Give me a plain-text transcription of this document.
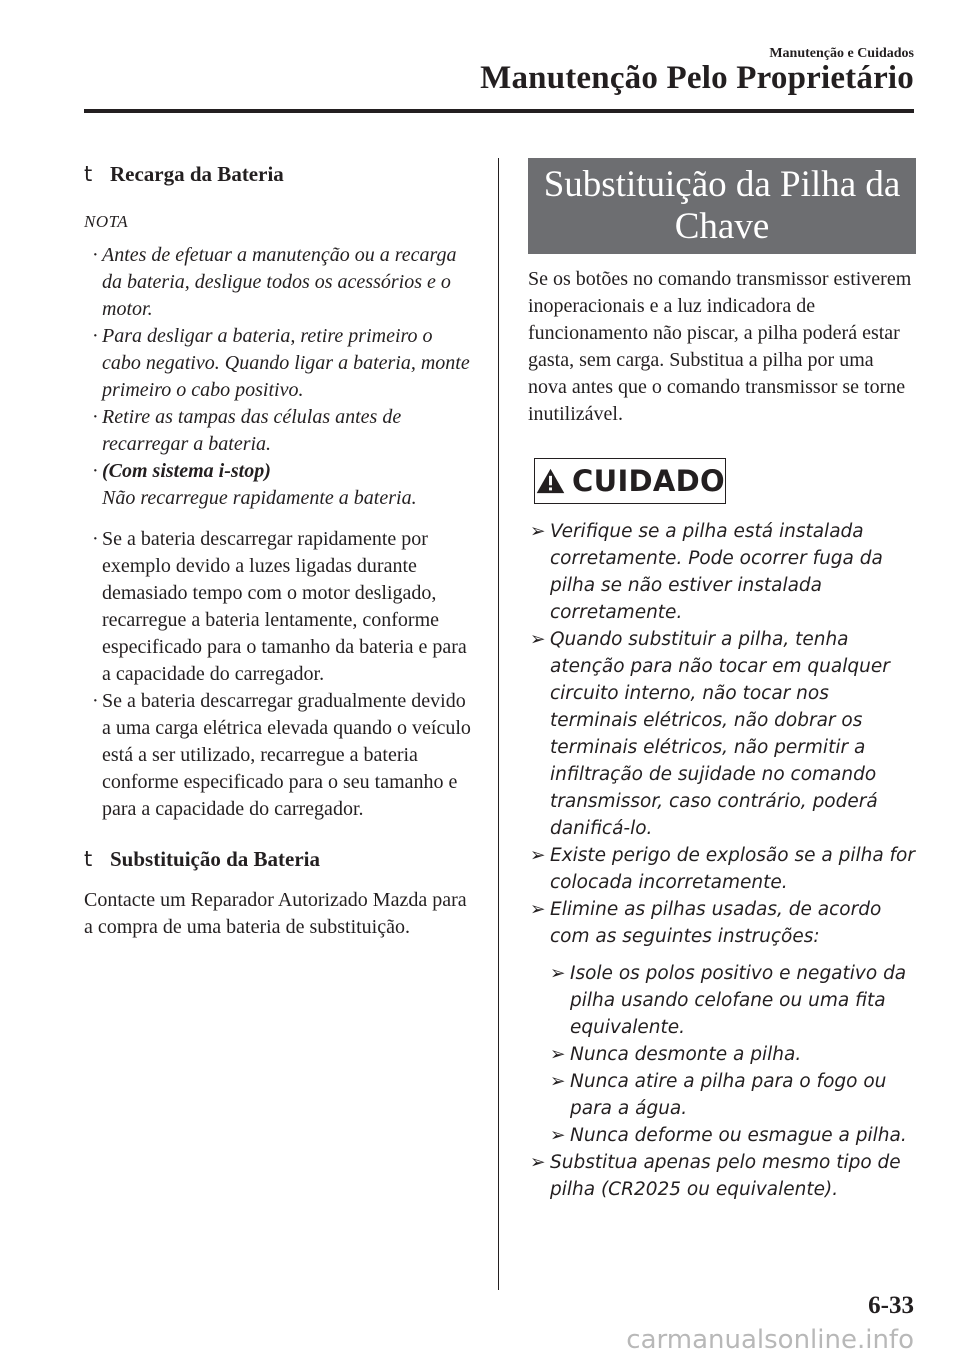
Manutenção e Cuidados
Manutenção Pelo Proprietário
t Recarga da Bateria
NOTA
· Antes de efetuar a manutenção ou a recarga da bateria, desligue todos os acessórios e o motor.
· Para desligar a bateria, retire primeiro o cabo negativo. Quando ligar a bateria, monte primeiro o cabo positivo.
· Retire as tampas das células antes de recarregar a bateria.
· (Com sistema i-stop)
Não recarregue rapidamente a bateria.
· Se a bateria descarregar rapidamente por exemplo devido a luzes ligadas durante demasiado tempo com o motor desligado, recarregue a bateria lentamente, conforme especificado para o tamanho da bateria e para a capacidade do carregador.
· Se a bateria descarregar gradualmente devido a uma carga elétrica elevada quando o veículo está a ser utilizado, recarregue a bateria conforme especificado para o seu tamanho e para a capacidade do carregador.
t Substituição da Bateria

Contacte um Reparador Autorizado Mazda para a compra de uma bateria de substituição.

Substituição da Pilha da Chave

Se os botões no comando transmissor estiverem inoperacionais e a luz indicadora de funcionamento não piscar, a pilha poderá estar gasta, sem carga. Substitua a pilha por uma nova antes que o comando transmissor se torne inutilizável.

CUIDADO
➢ Verifique se a pilha está instalada corretamente. Pode ocorrer fuga da pilha se não estiver instalada corretamente.
➢ Quando substituir a pilha, tenha atenção para não tocar em qualquer circuito interno, não tocar nos terminais elétricos, não dobrar os terminais elétricos, não permitir a infiltração de sujidade no comando transmissor, caso contrário, poderá danificá-lo.
➢ Existe perigo de explosão se a pilha for colocada incorretamente.
➢ Elimine as pilhas usadas, de acordo com as seguintes instruções:
➢ Isole os polos positivo e negativo da pilha usando celofane ou uma fita equivalente.
➢ Nunca desmonte a pilha.
➢ Nunca atire a pilha para o fogo ou para a água.
➢ Nunca deforme ou esmague a pilha.
➢ Substitua apenas pelo mesmo tipo de pilha (CR2025 ou equivalente).
6-33
carmanualsonline.info
